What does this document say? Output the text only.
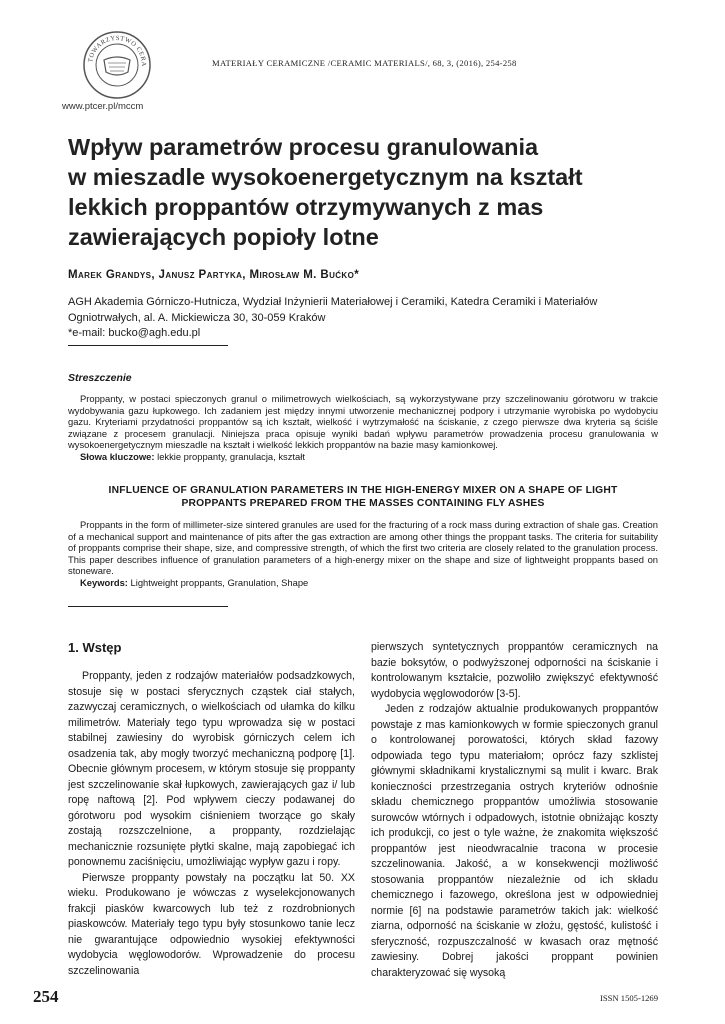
TOWARZYSTWO CERA
www.ptcer.pl/mccm
MATERIAŁY CERAMICZNE /CERAMIC MATERIALS/, 68, 3, (2016), 254-258
Wpływ parametrów procesu granulowania
w mieszadle wysokoenergetycznym na kształt
lekkich proppantów otrzymywanych z mas
zawierających popioły lotne
Marek Grandys, Janusz Partyka, Mirosław M. Bućko*
AGH Akademia Górniczo-Hutnicza, Wydział Inżynierii Materiałowej i Ceramiki, Katedra Ceramiki i Materiałów
Ogniotrwałych, al. A. Mickiewicza 30, 30-059 Kraków
*e-mail: bucko@agh.edu.pl
Streszczenie

Proppanty, w postaci spieczonych granul o milimetrowych wielkościach, są wykorzystywane przy szczelinowaniu górotworu w trakcie wydobywania gazu łupkowego. Ich zadaniem jest między innymi utworzenie mechanicznej podpory i utrzymanie wyrobiska po wydobyciu gazu. Kryteriami przydatności proppantów są ich kształt, wielkość i wytrzymałość na ściskanie, z czego pierwsze dwa kryteria są ściśle związane z procesem granulacji. Niniejsza praca opisuje wyniki badań wpływu parametrów prowadzenia procesu granulowania w wysokoenergetycznym mieszadle na kształt i wielkość lekkich proppantów na bazie masy kamionkowej.

Słowa kluczowe: lekkie proppanty, granulacja, kształt

INFLUENCE OF GRANULATION PARAMETERS IN THE HIGH-ENERGY MIXER ON A SHAPE OF LIGHT
PROPPANTS PREPARED FROM THE MASSES CONTAINING FLY ASHES

Proppants in the form of millimeter-size sintered granules are used for the fracturing of a rock mass during extraction of shale gas. Creation of a mechanical support and maintenance of pits after the gas extraction are among other things the proppant tasks. The criteria for suitability of proppants comprise their shape, size, and compressive strength, of which the first two criteria are closely related to the granulation process. This paper describes influence of granulation parameters of a high-energy mixer on the shape and size of lightweight proppants based on stoneware.

Keywords: Lightweight proppants, Granulation, Shape

1. Wstęp

Proppanty, jeden z rodzajów materiałów podsadzkowych, stosuje się w postaci sferycznych cząstek ciał stałych, zazwyczaj ceramicznych, o wielkościach od ułamka do kilku milimetrów. Materiały tego typu wprowadza się w postaci stabilnej zawiesiny do wyrobisk górniczych celem ich osadzenia tak, aby mogły tworzyć mechaniczną podporę [1]. Obecnie głównym procesem, w którym stosuje się proppanty jest szczelinowanie skał łupkowych, zawierających gaz i/ lub ropę naftową [2]. Pod wpływem cieczy podawanej do górotworu pod wysokim ciśnieniem tworzące go skały zostają rozszczelnione, a proppanty, rozdzielając mechanicznie rozsunięte płytki skalne, mają zapobiegać ich ponownemu zaciśnięciu, umożliwiając wypływ gazu i ropy.

Pierwsze proppanty powstały na początku lat 50. XX wieku. Produkowano je wówczas z wyselekcjonowanych frakcji piasków kwarcowych lub też z rozdrobnionych piaskowców. Materiały tego typu były stosunkowo tanie lecz nie gwarantujące odpowiednio wysokiej efektywności wydobycia węglowodorów. Wprowadzenie do procesu szczelinowania

pierwszych syntetycznych proppantów ceramicznych na bazie boksytów, o podwyższonej odporności na ściskanie i kontrolowanym kształcie, pozwoliło zwiększyć efektywność wydobycia węglowodorów [3-5].

Jeden z rodzajów aktualnie produkowanych proppantów powstaje z mas kamionkowych w formie spieczonych granul o kontrolowanej porowatości, których skład fazowy odpowiada tego typu materiałom; oprócz fazy szklistej głównymi składnikami krystalicznymi są mulit i kwarc. Brak konieczności przestrzegania ostrych kryteriów odnośnie składu chemicznego proppantów umożliwia stosowanie surowców wtórnych i odpadowych, istotnie obniżając koszty ich produkcji, co jest o tyle ważne, że znakomita większość proppantów jest nieodwracalnie tracona w procesie szczelinowania. Jakość, a w konsekwencji możliwość stosowania proppantów niezależnie od ich składu chemicznego i fazowego, określona jest w odpowiedniej normie [6] na podstawie parametrów takich jak: wielkość ziarna, odporność na ściskanie w złożu, gęstość, kulistość i sferyczność, rozpuszczalność w kwasach oraz mętność zawiesiny. Dobrej jakości proppant powinien charakteryzować się wysoką

254	ISSN 1505-1269
